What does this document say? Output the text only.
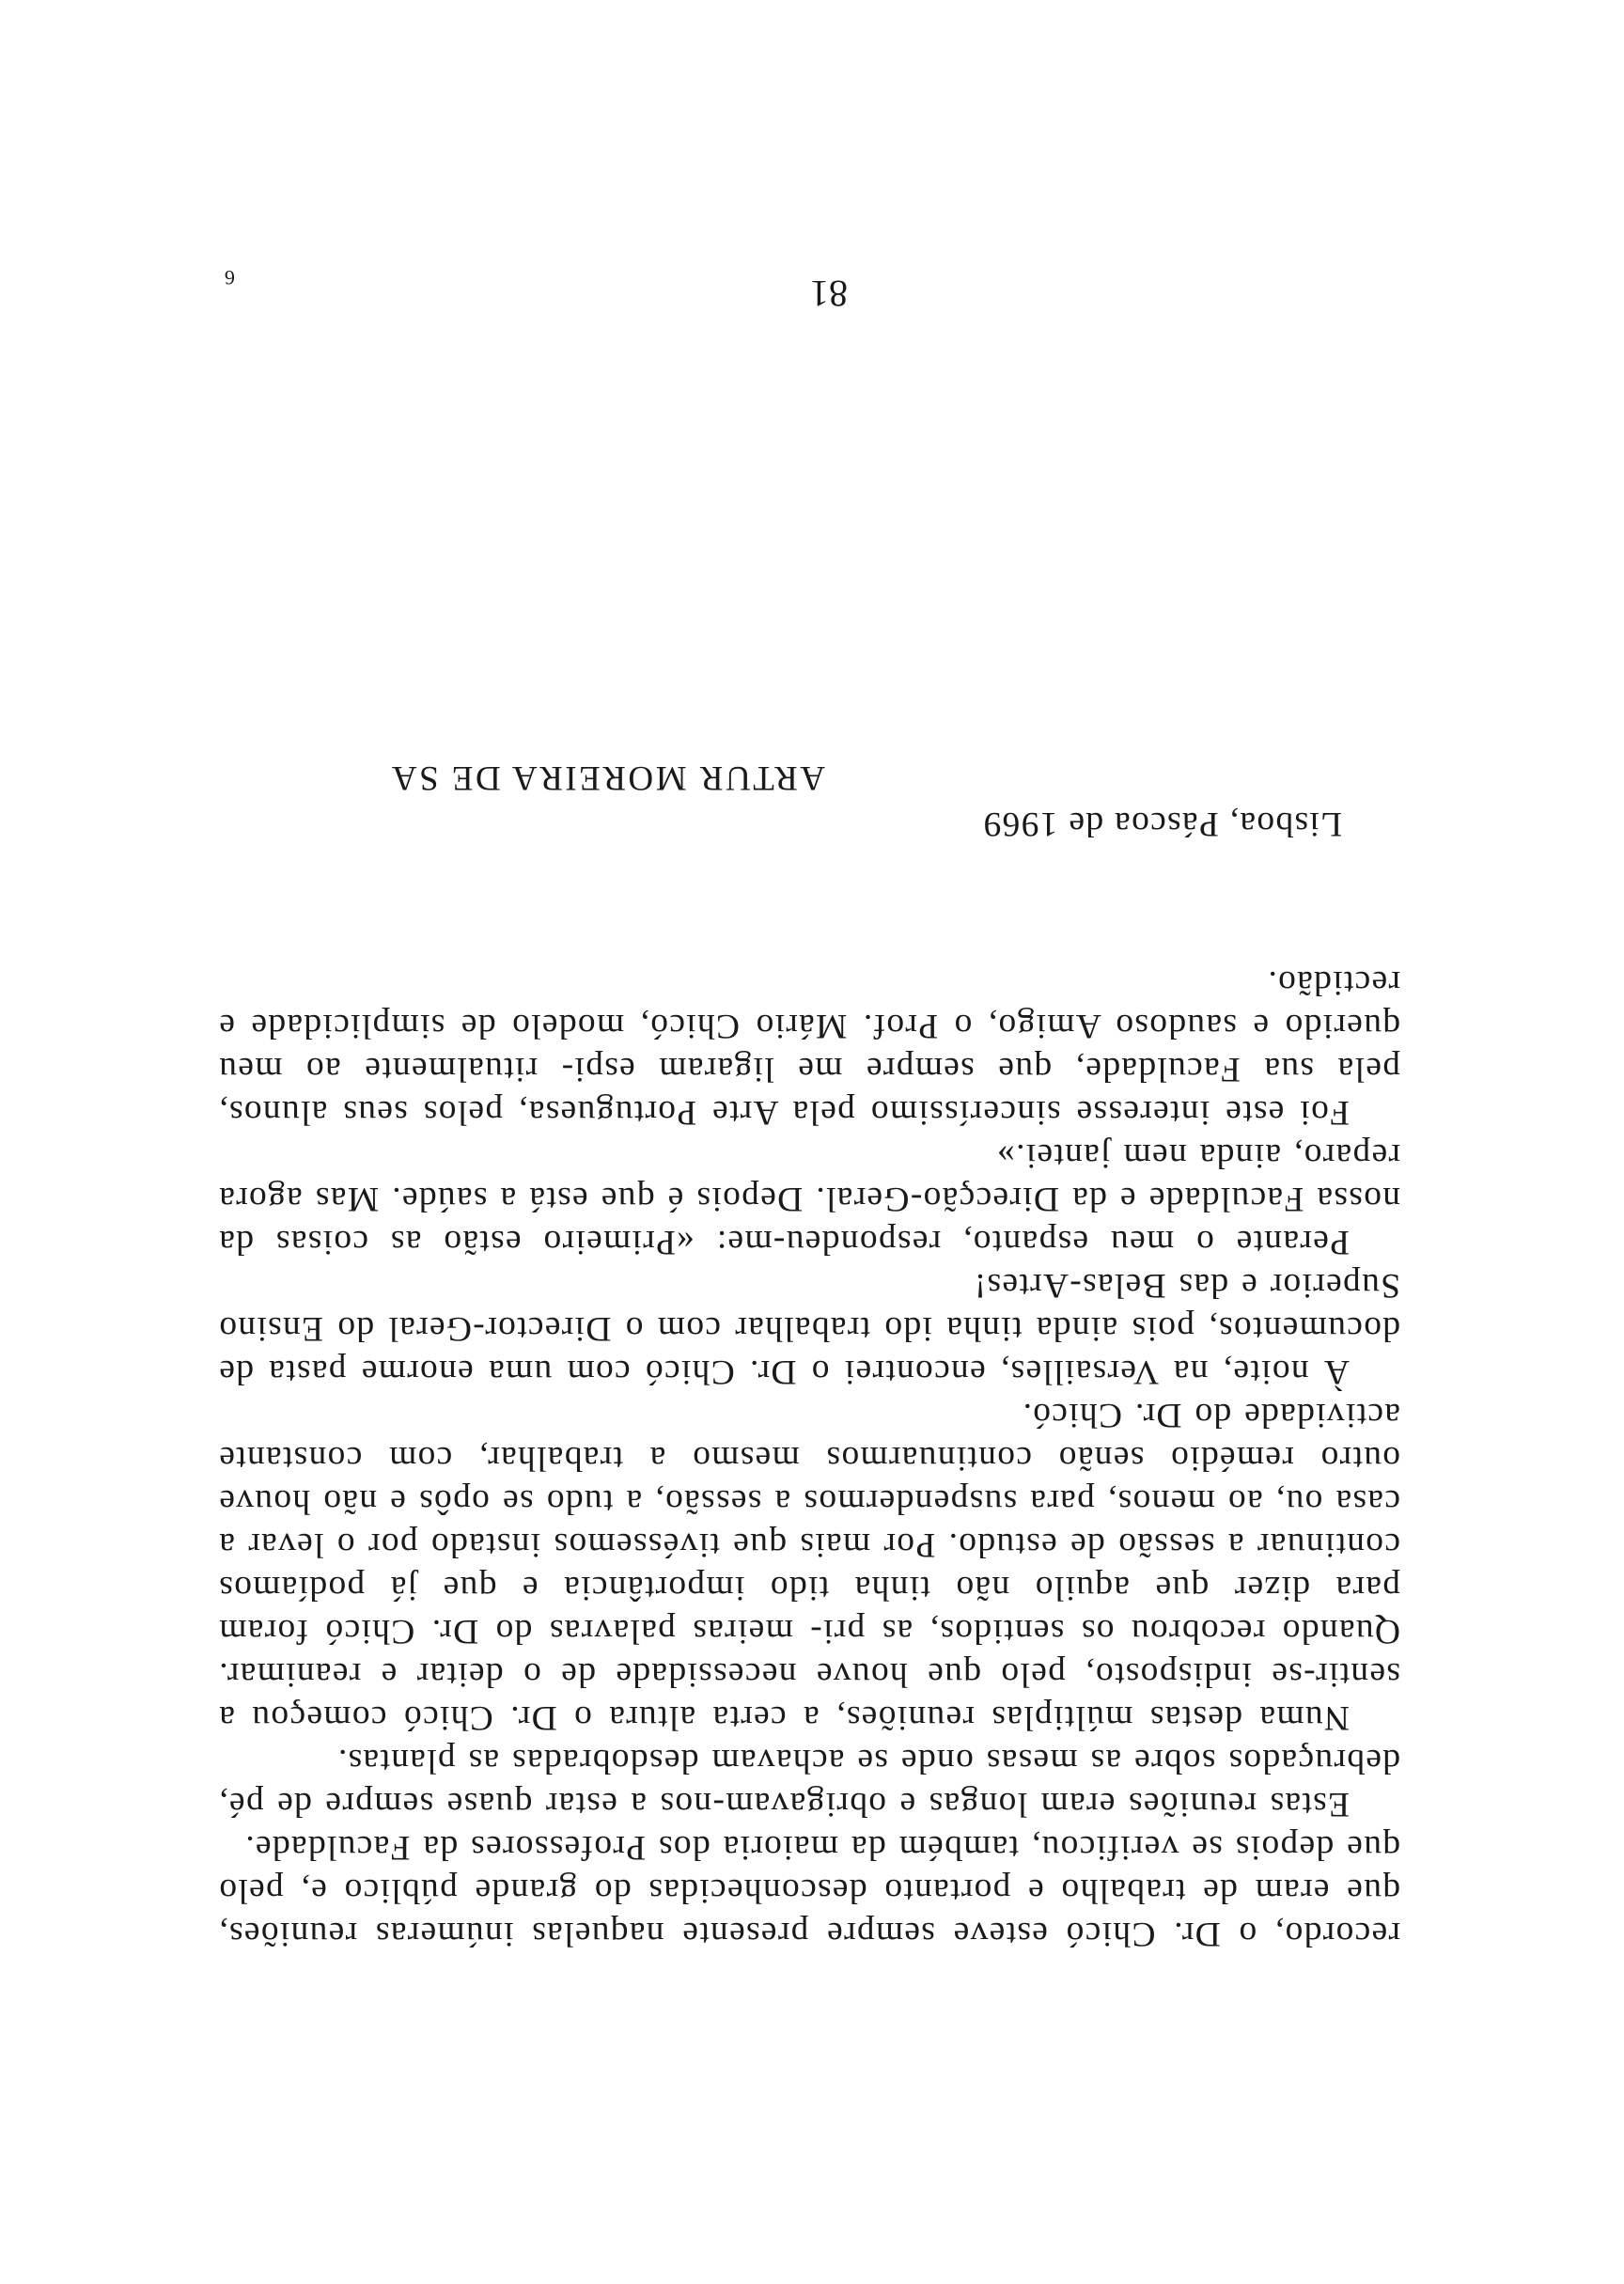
recordo, o Dr. Chicó esteve sempre presente naquelas inúmeras reuniões, que eram de trabalho e portanto desconhecidas do grande público e, pelo que depois se verificou, também da maioria dos Professores da Faculdade.

Estas reuniões eram longas e obrigavam-nos a estar quase sempre de pé, debruçados sobre as mesas onde se achavam desdobradas as plantas.

Numa destas múltiplas reuniões, a certa altura o Dr. Chicó começou a sentir-se indisposto, pelo que houve necessidade de o deitar e reanimar. Quando recobrou os sentidos, as pri- meiras palavras do Dr. Chicó foram para dizer que aquilo não tinha tido importância e que já podíamos continuar a sessão de estudo. Por mais que tivéssemos instado por o levar a casa ou, ao menos, para suspendermos a sessão, a tudo se opôs e não houve outro remédio senão continuarmos mesmo a trabalhar, com constante actividade do Dr. Chicó.

À noite, na Versailles, encontrei o Dr. Chicó com uma enorme pasta de documentos, pois ainda tinha ido trabalhar com o Director-Geral do Ensino Superior e das Belas-Artes!

Perante o meu espanto, respondeu-me: «Primeiro estão as coisas da nossa Faculdade e da Direcção-Geral. Depois é que está a saúde. Mas agora reparo, ainda nem jantei.»

Foi este interesse sinceríssimo pela Arte Portuguesa, pelos seus alunos, pela sua Faculdade, que sempre me ligaram espi- ritualmente ao meu querido e saudoso Amigo, o Prof. Mário Chicó, modelo de simplicidade e rectidão.

Lisboa, Páscoa de 1969
ARTUR MOREIRA DE SA
81
6
